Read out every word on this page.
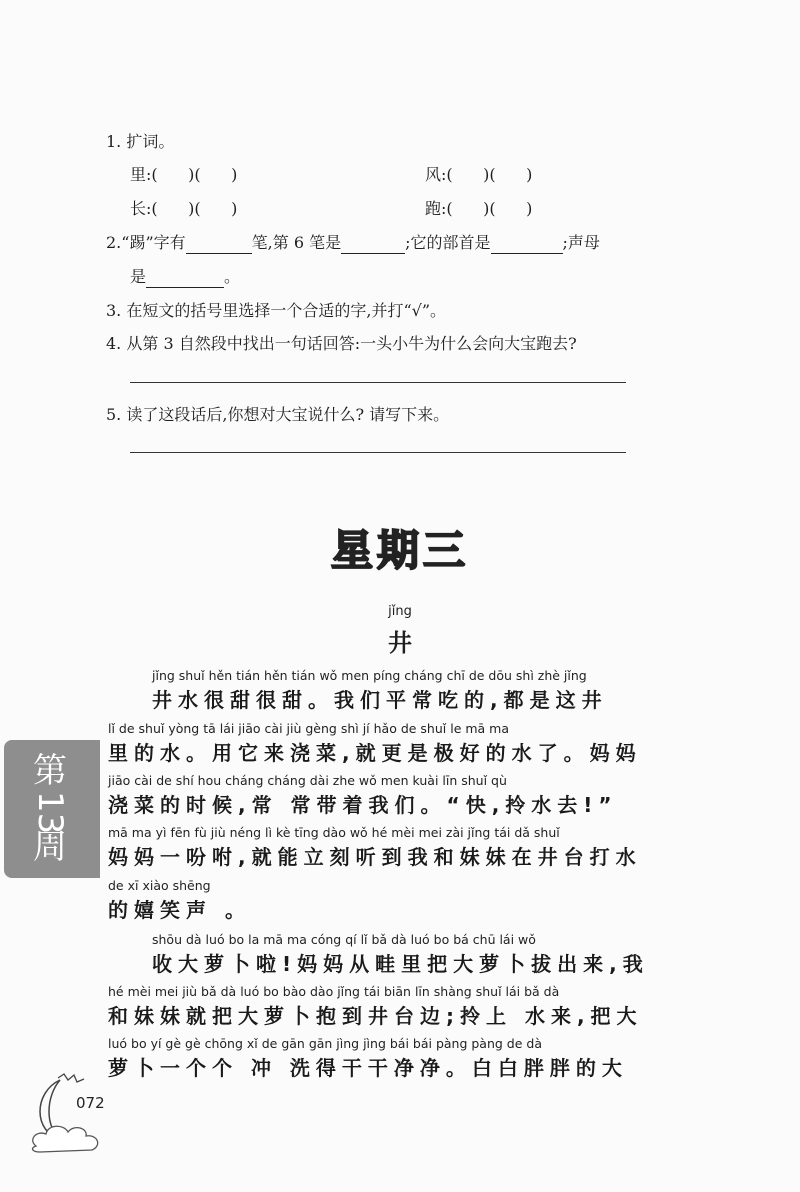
1. 扩词。
里:(      )(      )	风:(      )(      )
长:(      )(      )	跑:(      )(      )
2.“踢”字有	笔,第 6 笔是	;它的部首是	;声母
是	。
3. 在短文的括号里选择一个合适的字,并打“√”。
4. 从第 3 自然段中找出一句话回答:一头小牛为什么会向大宝跑去?
5. 读了这段话后,你想对大宝说什么? 请写下来。
星期三
jǐng
井
jǐng shuǐ hěn tián hěn tián wǒ men píng cháng chī de dōu shì zhè jǐng
井水很甜很甜。我们平常吃的,都是这井
lǐ de shuǐ yòng tā lái jiāo cài jiù gèng shì jí hǎo de shuǐ le mā ma
里的水。用它来浇菜,就更是极好的水了。妈妈
jiāo cài de shí hou cháng cháng dài zhe wǒ men kuài līn shuǐ qù
浇菜的时候,常 常带着我们。“快,拎水去!”
mā ma yì fēn fù jiù néng lì kè tīng dào wǒ hé mèi mei zài jǐng tái dǎ shuǐ
妈妈一吩咐,就能立刻听到我和妹妹在井台打水
de xī xiào shēng
的嬉笑声 。
shōu dà luó bo la mā ma cóng qí lǐ bǎ dà luó bo bá chū lái wǒ
收大萝卜啦!妈妈从畦里把大萝卜拔出来,我
hé mèi mei jiù bǎ dà luó bo bào dào jǐng tái biān līn shàng shuǐ lái bǎ dà
和妹妹就把大萝卜抱到井台边;拎上 水来,把大
luó bo yí gè gè chōng xǐ de gān gān jìng jìng bái bái pàng pàng de dà
萝卜一个个 冲 洗得干干净净。白白胖胖的大
第
13
周
072
